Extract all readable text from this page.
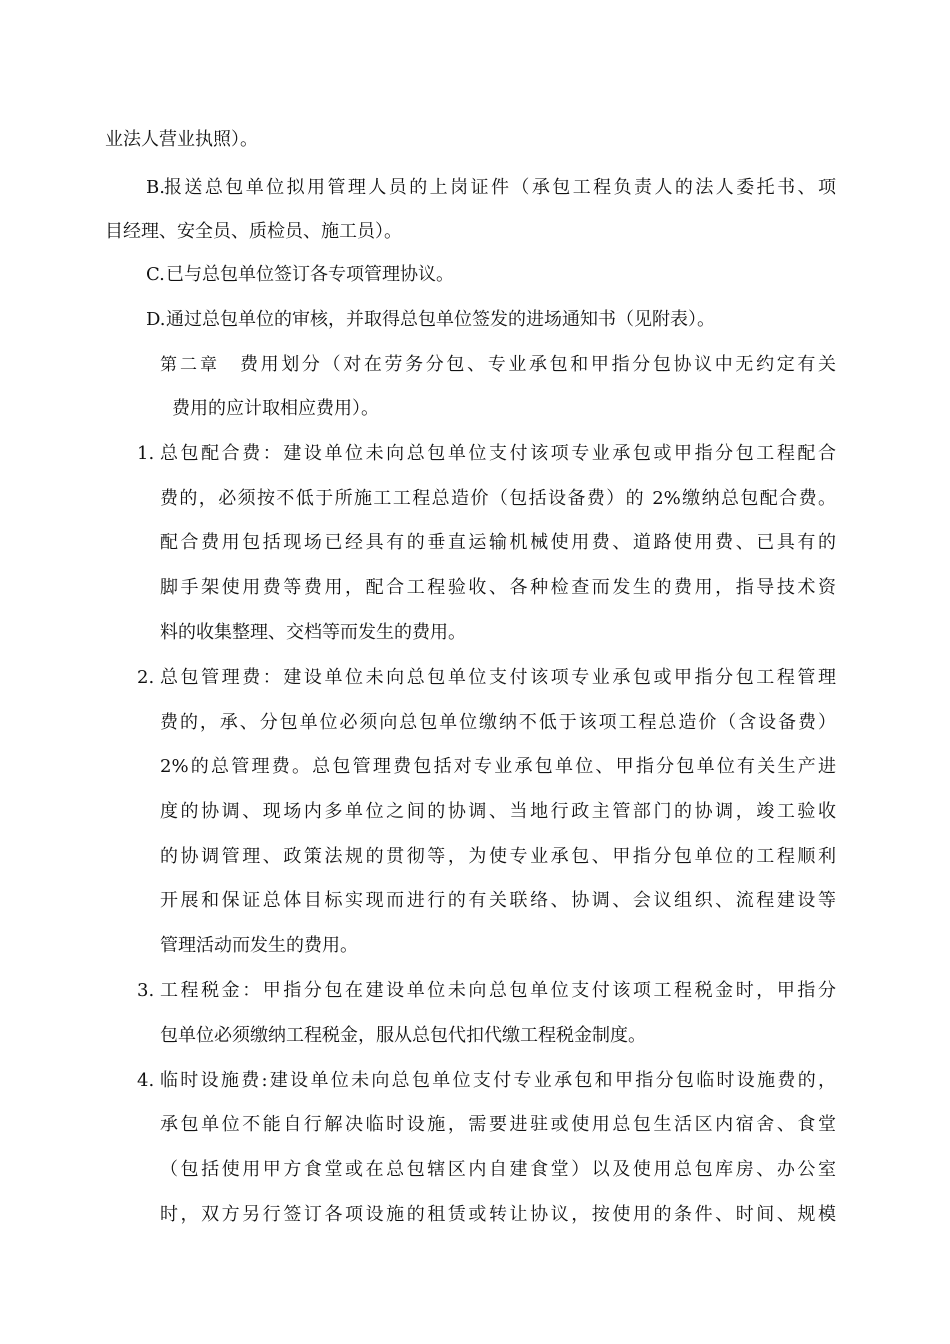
业法人营业执照）。
B. 报送总包单位拟用管理人员的上岗证件（承包工程负责人的法人委托书、项
目经理、安全员、质检员、施工员）。
C. 已与总包单位签订各专项管理协议。
D. 通过总包单位的审核，并取得总包单位签发的进场通知书（见附表）。
第二章 费用划分（对在劳务分包、专业承包和甲指分包协议中无约定有关
费用的应计取相应费用）。
1. 总包配合费：建设单位未向总包单位支付该项专业承包或甲指分包工程配合
费的，必须按不低于所施工工程总造价（包括设备费）的 2%缴纳总包配合费。
配合费用包括现场已经具有的垂直运输机械使用费、道路使用费、已具有的
脚手架使用费等费用，配合工程验收、各种检查而发生的费用，指导技术资
料的收集整理、交档等而发生的费用。
2. 总包管理费：建设单位未向总包单位支付该项专业承包或甲指分包工程管理
费的，承、分包单位必须向总包单位缴纳不低于该项工程总造价（含设备费）
2%的总管理费。总包管理费包括对专业承包单位、甲指分包单位有关生产进
度的协调、现场内多单位之间的协调、当地行政主管部门的协调，竣工验收
的协调管理、政策法规的贯彻等，为使专业承包、甲指分包单位的工程顺利
开展和保证总体目标实现而进行的有关联络、协调、会议组织、流程建设等
管理活动而发生的费用。
3. 工程税金：甲指分包在建设单位未向总包单位支付该项工程税金时，甲指分
包单位必须缴纳工程税金，服从总包代扣代缴工程税金制度。
4. 临时设施费:建设单位未向总包单位支付专业承包和甲指分包临时设施费的，
承包单位不能自行解决临时设施，需要进驻或使用总包生活区内宿舍、食堂
（包括使用甲方食堂或在总包辖区内自建食堂）以及使用总包库房、办公室
时，双方另行签订各项设施的租赁或转让协议，按使用的条件、时间、规模
